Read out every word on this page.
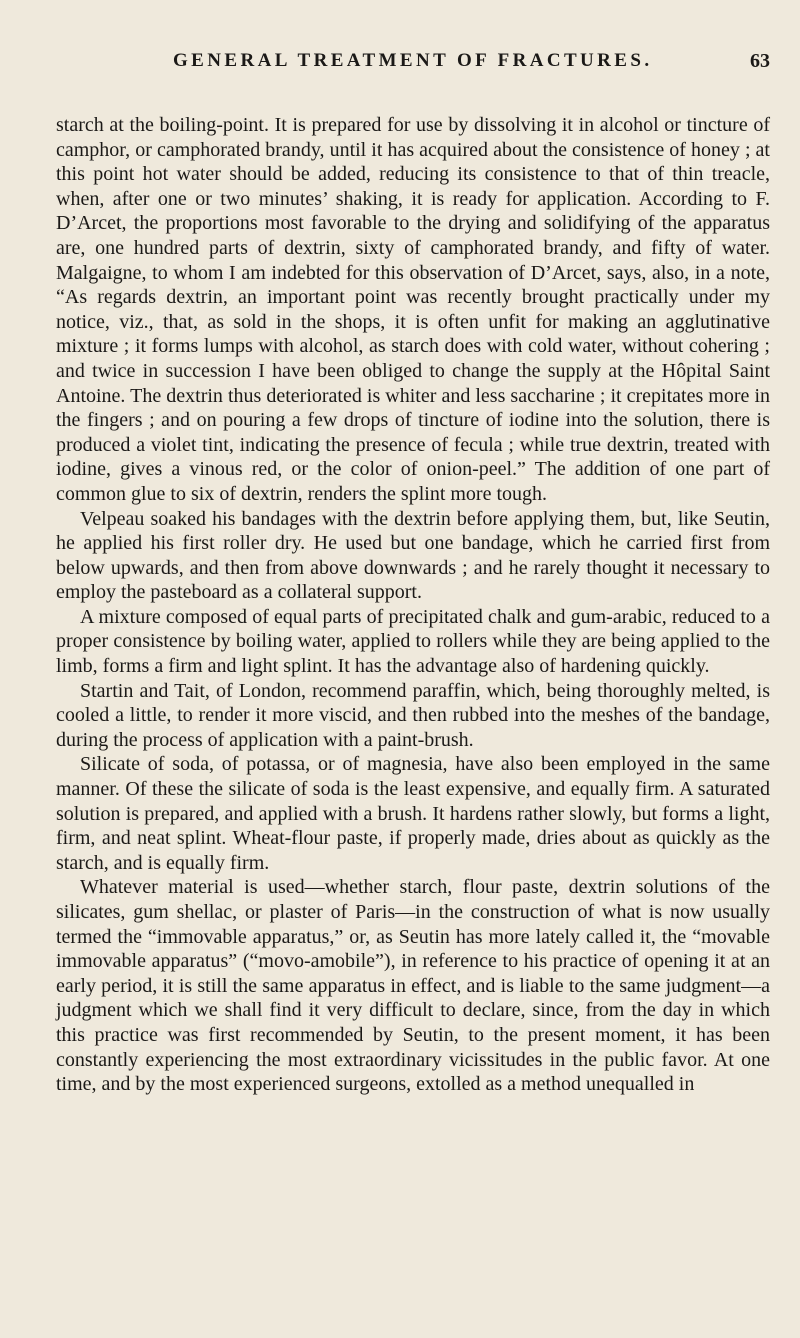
GENERAL TREATMENT OF FRACTURES.	63

starch at the boiling-point. It is prepared for use by dissolving it in alcohol or tincture of camphor, or camphorated brandy, until it has acquired about the consistence of honey ; at this point hot water should be added, reducing its consistence to that of thin treacle, when, after one or two minutes’ shaking, it is ready for application. According to F. D’Arcet, the proportions most favorable to the drying and solidifying of the apparatus are, one hundred parts of dextrin, sixty of camphorated brandy, and fifty of water. Malgaigne, to whom I am indebted for this observation of D’Arcet, says, also, in a note, “As regards dextrin, an important point was recently brought practically under my notice, viz., that, as sold in the shops, it is often unfit for making an agglutinative mixture ; it forms lumps with alcohol, as starch does with cold water, without cohering ; and twice in succession I have been obliged to change the supply at the Hôpital Saint Antoine. The dextrin thus deteriorated is whiter and less saccharine ; it crepitates more in the fingers ; and on pouring a few drops of tincture of iodine into the solution, there is produced a violet tint, indicating the presence of fecula ; while true dextrin, treated with iodine, gives a vinous red, or the color of onion-peel.” The addition of one part of common glue to six of dextrin, renders the splint more tough.

Velpeau soaked his bandages with the dextrin before applying them, but, like Seutin, he applied his first roller dry. He used but one bandage, which he carried first from below upwards, and then from above downwards ; and he rarely thought it necessary to employ the pasteboard as a collateral support.

A mixture composed of equal parts of precipitated chalk and gum-arabic, reduced to a proper consistence by boiling water, applied to rollers while they are being applied to the limb, forms a firm and light splint. It has the advantage also of hardening quickly.

Startin and Tait, of London, recommend paraffin, which, being thoroughly melted, is cooled a little, to render it more viscid, and then rubbed into the meshes of the bandage, during the process of application with a paint-brush.

Silicate of soda, of potassa, or of magnesia, have also been employed in the same manner. Of these the silicate of soda is the least expensive, and equally firm. A saturated solution is prepared, and applied with a brush. It hardens rather slowly, but forms a light, firm, and neat splint. Wheat-flour paste, if properly made, dries about as quickly as the starch, and is equally firm.

Whatever material is used—whether starch, flour paste, dextrin solutions of the silicates, gum shellac, or plaster of Paris—in the construction of what is now usually termed the “immovable apparatus,” or, as Seutin has more lately called it, the “movable immovable apparatus” (“movo-amobile”), in reference to his practice of opening it at an early period, it is still the same apparatus in effect, and is liable to the same judgment—a judgment which we shall find it very difficult to declare, since, from the day in which this practice was first recommended by Seutin, to the present moment, it has been constantly experiencing the most extraordinary vicissitudes in the public favor. At one time, and by the most experienced surgeons, extolled as a method unequalled in
